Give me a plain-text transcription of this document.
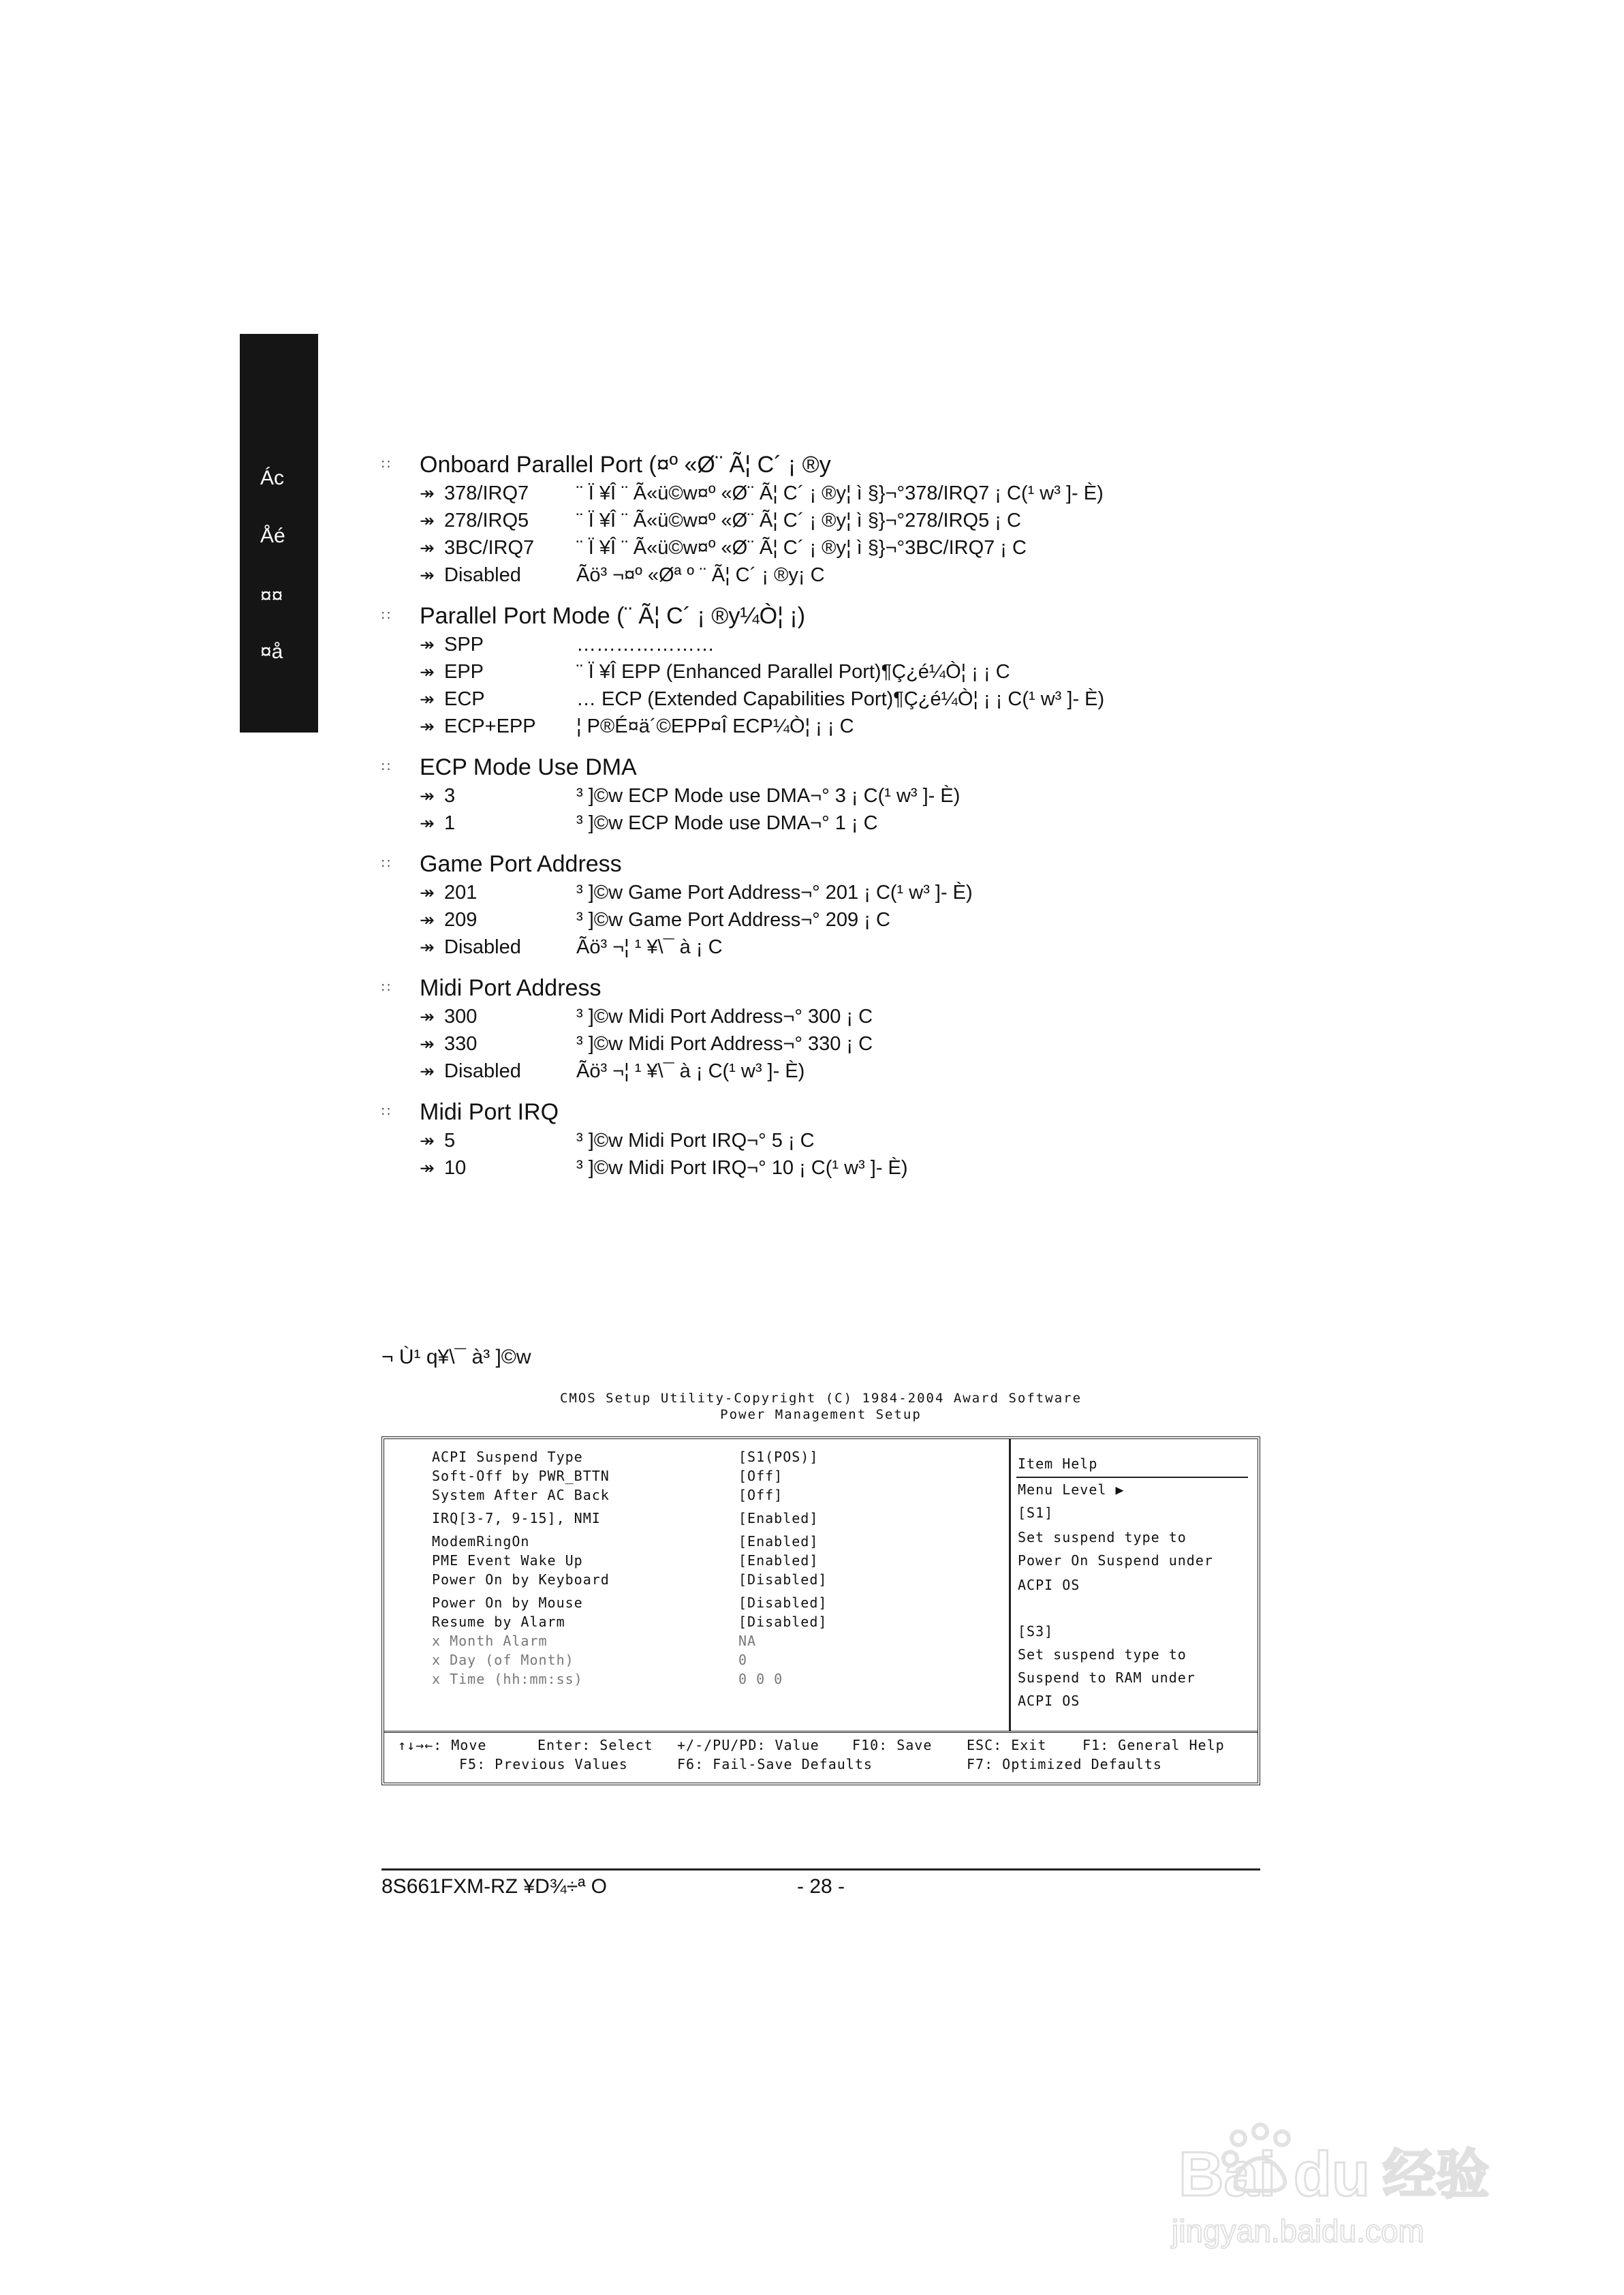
Ác
Åé
¤¤
¤å
∷	Onboard Parallel Port (¤º «Ø¨ Ã¦ C´ ¡ ®y
↠ 378/IRQ7 ¨ Ï ¥Î ¨ Ã«ü©w¤º «Ø¨ Ã¦ C´ ¡ ®y¦ ì §}¬°378/IRQ7 ¡ C(¹ w³ ]- È)
↠ 278/IRQ5 ¨ Ï ¥Î ¨ Ã«ü©w¤º «Ø¨ Ã¦ C´ ¡ ®y¦ ì §}¬°278/IRQ5 ¡ C
↠ 3BC/IRQ7 ¨ Ï ¥Î ¨ Ã«ü©w¤º «Ø¨ Ã¦ C´ ¡ ®y¦ ì §}¬°3BC/IRQ7 ¡ C
↠ Disabled	Ãö³ ¬¤º «Øª º ¨ Ã¦ C´ ¡ ®y¡ C
∷	Parallel Port Mode (¨ Ã¦ C´ ¡ ®y¼Ò¦ ¡)
↠ SPP	…………………
↠ EPP	¨ Ï ¥Î EPP (Enhanced Parallel Port)¶Ç¿é¼Ò¦ ¡ ¡ C
↠ ECP	… ECP (Extended Capabilities Port)¶Ç¿é¼Ò¦ ¡ ¡ C(¹ w³ ]- È)
↠ ECP+EPP ¦ P®É¤ä´©EPP¤Î ECP¼Ò¦ ¡ ¡ C
∷	ECP Mode Use DMA
↠ 3	³ ]©w ECP Mode use DMA¬° 3 ¡ C(¹ w³ ]- È)
↠ 1	³ ]©w ECP Mode use DMA¬° 1 ¡ C
∷	Game Port Address
↠ 201	³ ]©w Game Port Address¬° 201 ¡ C(¹ w³ ]- È)
↠ 209	³ ]©w Game Port Address¬° 209 ¡ C
↠ Disabled	Ãö³ ¬¦ ¹ ¥\¯ à ¡ C
∷	Midi Port Address
↠ 300	³ ]©w Midi Port Address¬° 300 ¡ C
↠ 330	³ ]©w Midi Port Address¬° 330 ¡ C
↠ Disabled	Ãö³ ¬¦ ¹ ¥\¯ à ¡ C(¹ w³ ]- È)
∷	Midi Port IRQ
↠ 5	³ ]©w Midi Port IRQ¬° 5 ¡ C
↠ 10	³ ]©w Midi Port IRQ¬° 10 ¡ C(¹ w³ ]- È)
¬ Ù¹ q¥\¯ à³ ]©w
CMOS Setup Utility-Copyright (C) 1984-2004 Award Software
Power Management Setup
ACPI Suspend Type	[S1(POS)]
Soft-Off by PWR_BTTN	[Off]
System After AC Back	[Off]
IRQ[3-7, 9-15], NMI	[Enabled]
ModemRingOn	[Enabled]
PME Event Wake Up	[Enabled]
Power On by Keyboard	[Disabled]
Power On by Mouse	[Disabled]
Resume by Alarm	[Disabled]
x Month Alarm	NA
x Day (of Month)	0
x Time (hh:mm:ss)	0 0 0
Item Help
Menu Level ▶
[S1]
Set suspend type to
Power On Suspend under
ACPI OS
[S3]
Set suspend type to
Suspend to RAM under
ACPI OS
↑↓→←: Move	Enter: Select +/-/PU/PD: Value F10: Save	ESC: Exit	F1: General Help
F5: Previous Values	F6: Fail-Save Defaults	F7: Optimized Defaults
8S661FXM-RZ ¥D¾÷ª O	- 28 -
Bai du 经验
jingyan.baidu.com
